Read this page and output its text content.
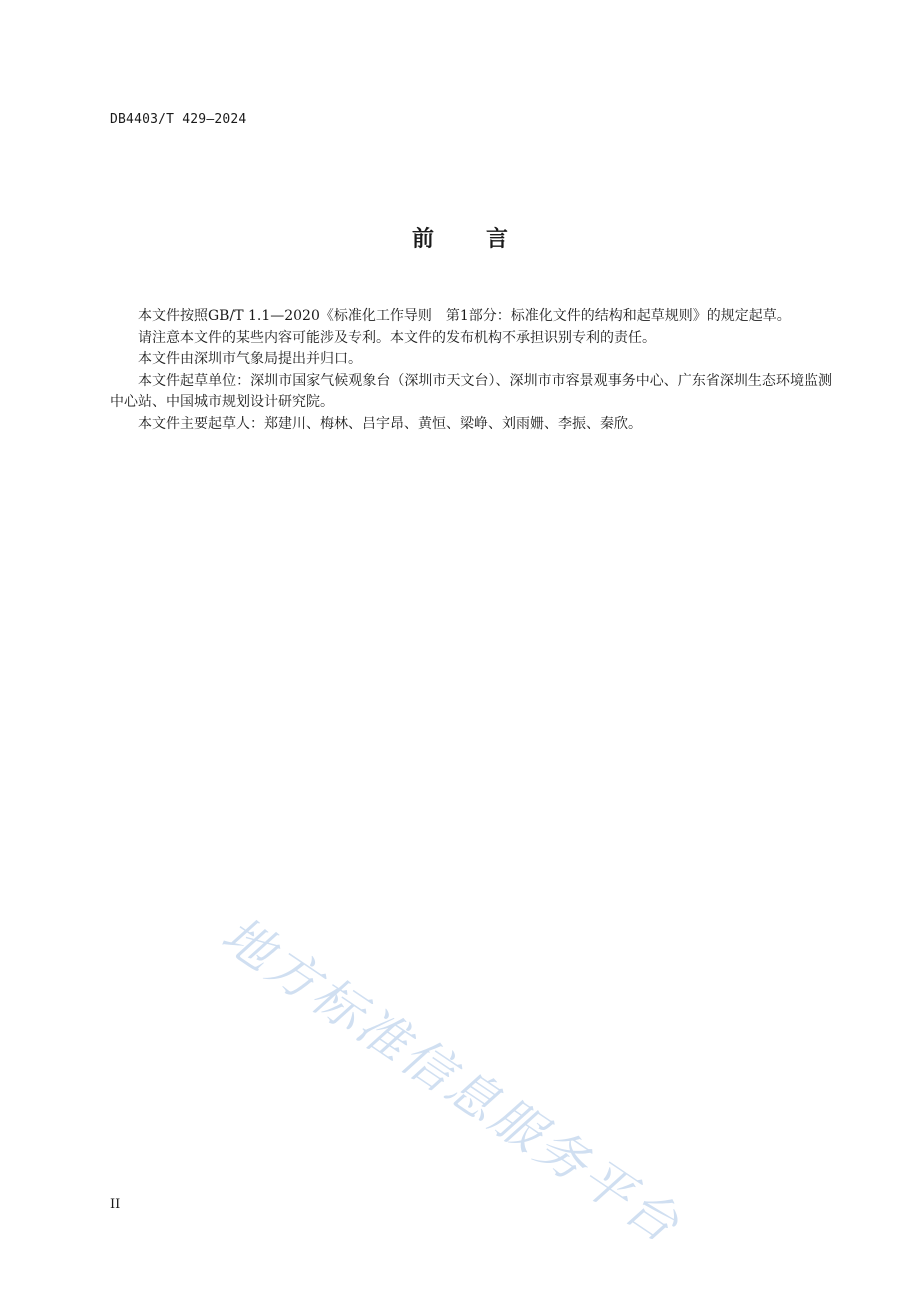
DB4403/T 429—2024
前言

本文件按照GB/T 1.1—2020《标准化工作导则　第1部分：标准化文件的结构和起草规则》的规定起草。

请注意本文件的某些内容可能涉及专利。本文件的发布机构不承担识别专利的责任。

本文件由深圳市气象局提出并归口。

本文件起草单位：深圳市国家气候观象台（深圳市天文台）、深圳市市容景观事务中心、广东省深圳生态环境监测中心站、中国城市规划设计研究院。

本文件主要起草人：郑建川、梅林、吕宇昂、黄恒、梁峥、刘雨姗、李振、秦欣。

地方标准信息服务平台
II
